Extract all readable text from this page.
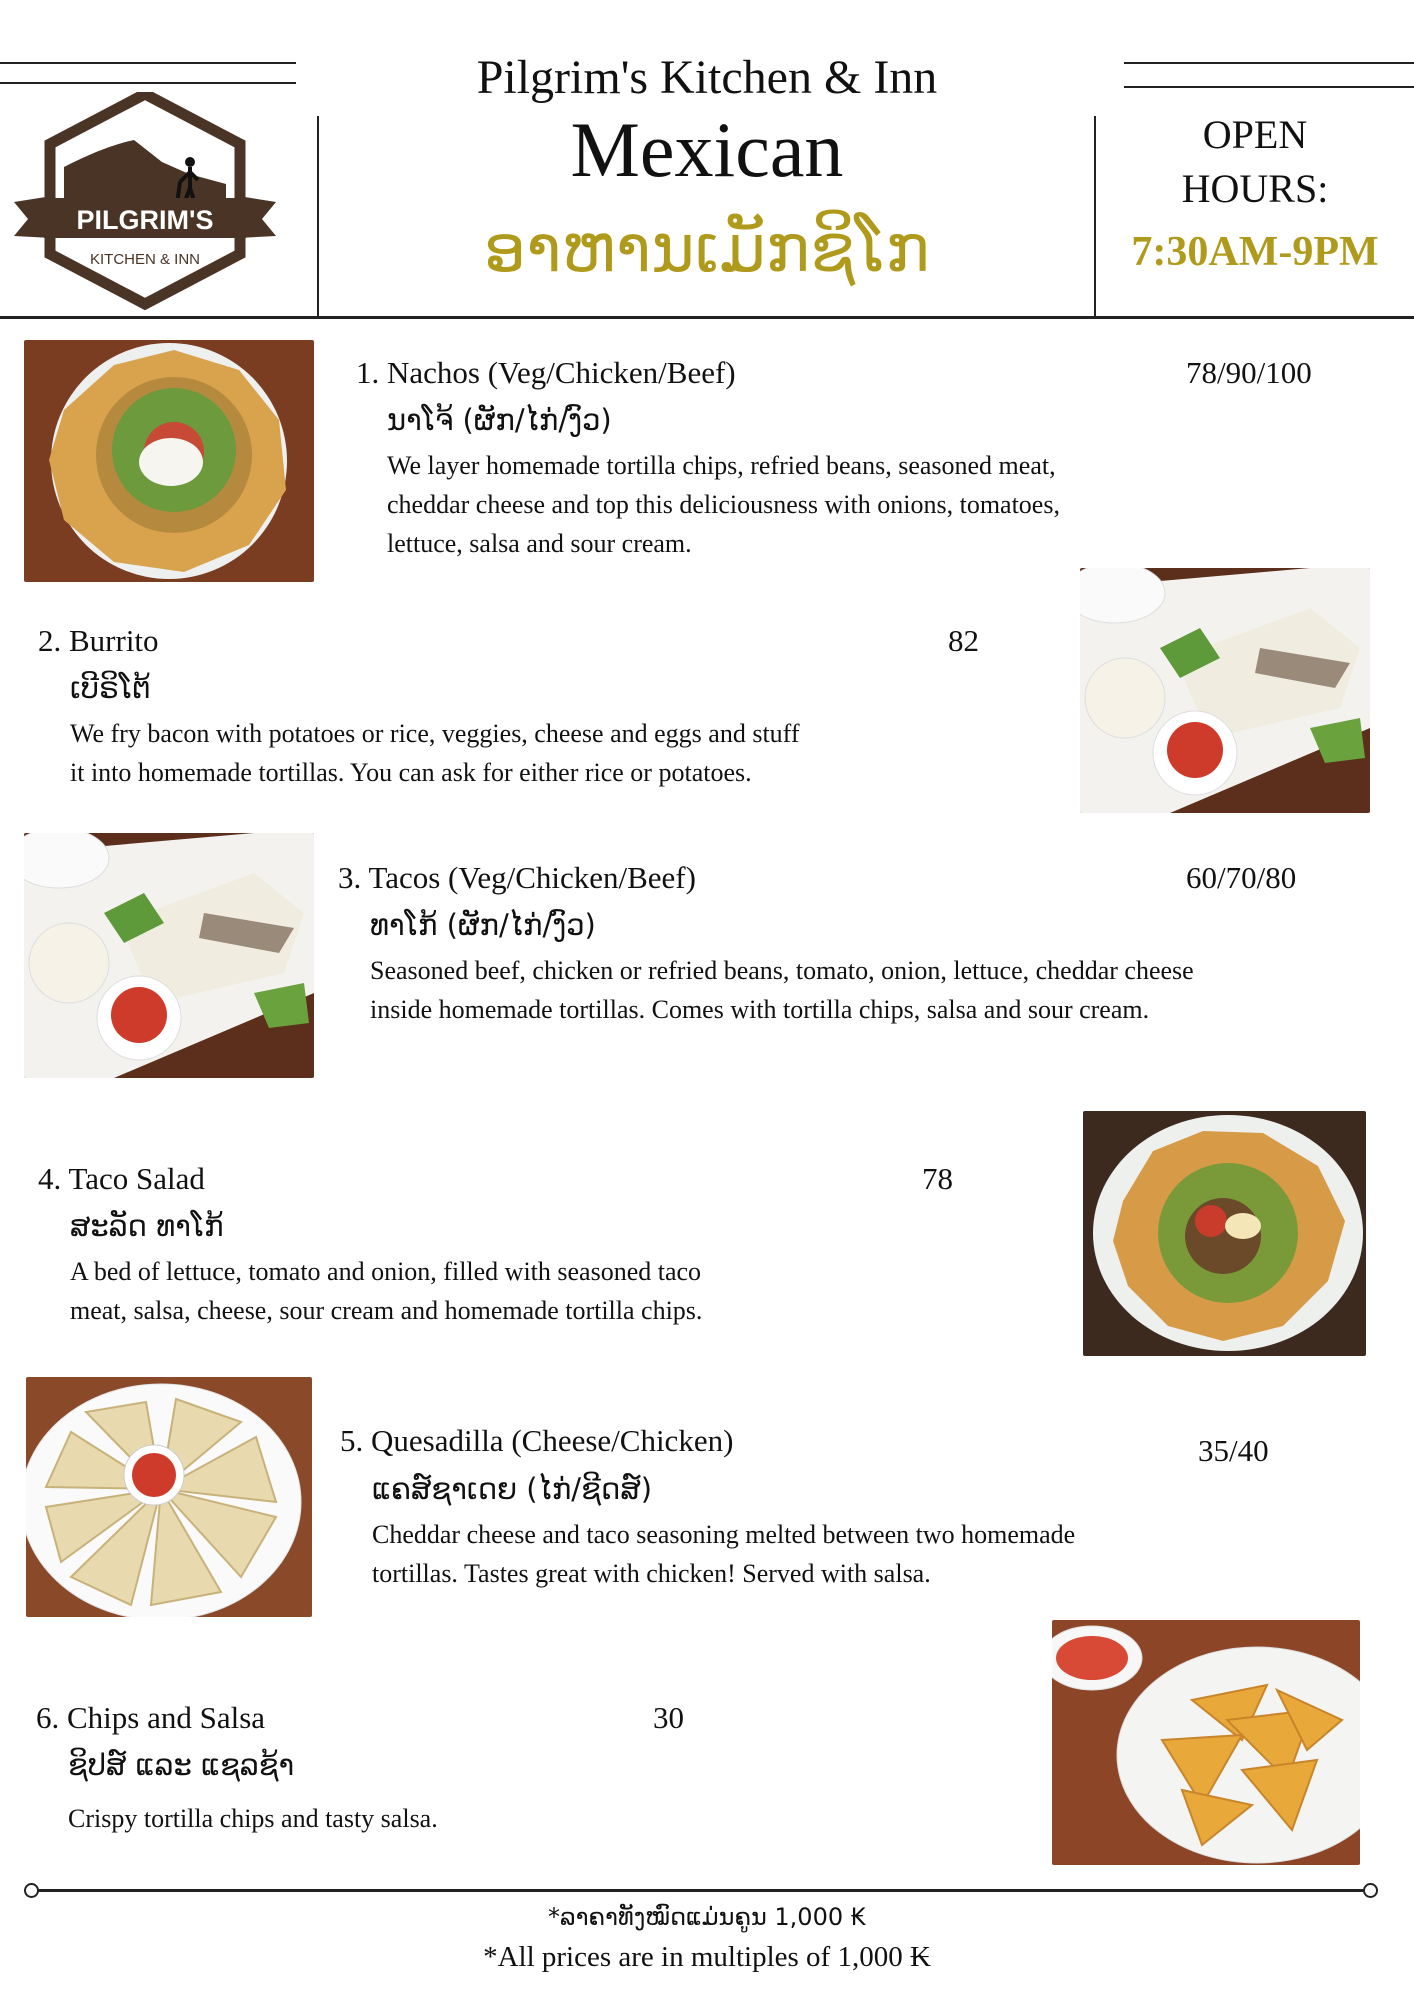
PILGRIM'S
KITCHEN & INN
Pilgrim's Kitchen & Inn
Mexican
ອາຫານເມັກຊິໂກ
OPEN
HOURS:
7:30AM-9PM
1. Nachos (Veg/Chicken/Beef)	78/90/100
ນາໂຈ້ (ຜັກ/ໄກ່/ງົວ)
We layer homemade tortilla chips, refried beans, seasoned meat,
cheddar cheese and top this deliciousness with onions, tomatoes,
lettuce, salsa and sour cream.
2. Burrito	82
ເບີຣິໂຕ້
We fry bacon with potatoes or rice, veggies, cheese and eggs and stuff
it into homemade tortillas. You can ask for either rice or potatoes.
3. Tacos (Veg/Chicken/Beef)	60/70/80
ທາໂກ້ (ຜັກ/ໄກ່/ງົວ)
Seasoned beef, chicken or refried beans, tomato, onion, lettuce, cheddar cheese
inside homemade tortillas. Comes with tortilla chips, salsa and sour cream.
4. Taco Salad	78
ສະລັດ ທາໂກ້
A bed of lettuce, tomato and onion, filled with seasoned taco
meat, salsa, cheese, sour cream and homemade tortilla chips.
5. Quesadilla (Cheese/Chicken)	35/40
ແຄສ໌ຊາເດຍ (ໄກ່/ຊີດສ໌)
Cheddar cheese and taco seasoning melted between two homemade
tortillas. Tastes great with chicken! Served with salsa.
6. Chips and Salsa	30
ຊິປສ໌ ແລະ ແຊລຊ້າ
Crispy tortilla chips and tasty salsa.
*ລາຄາທັງໝົດແມ່ນຄູນ 1,000 ₭
*All prices are in multiples of 1,000 ₭
